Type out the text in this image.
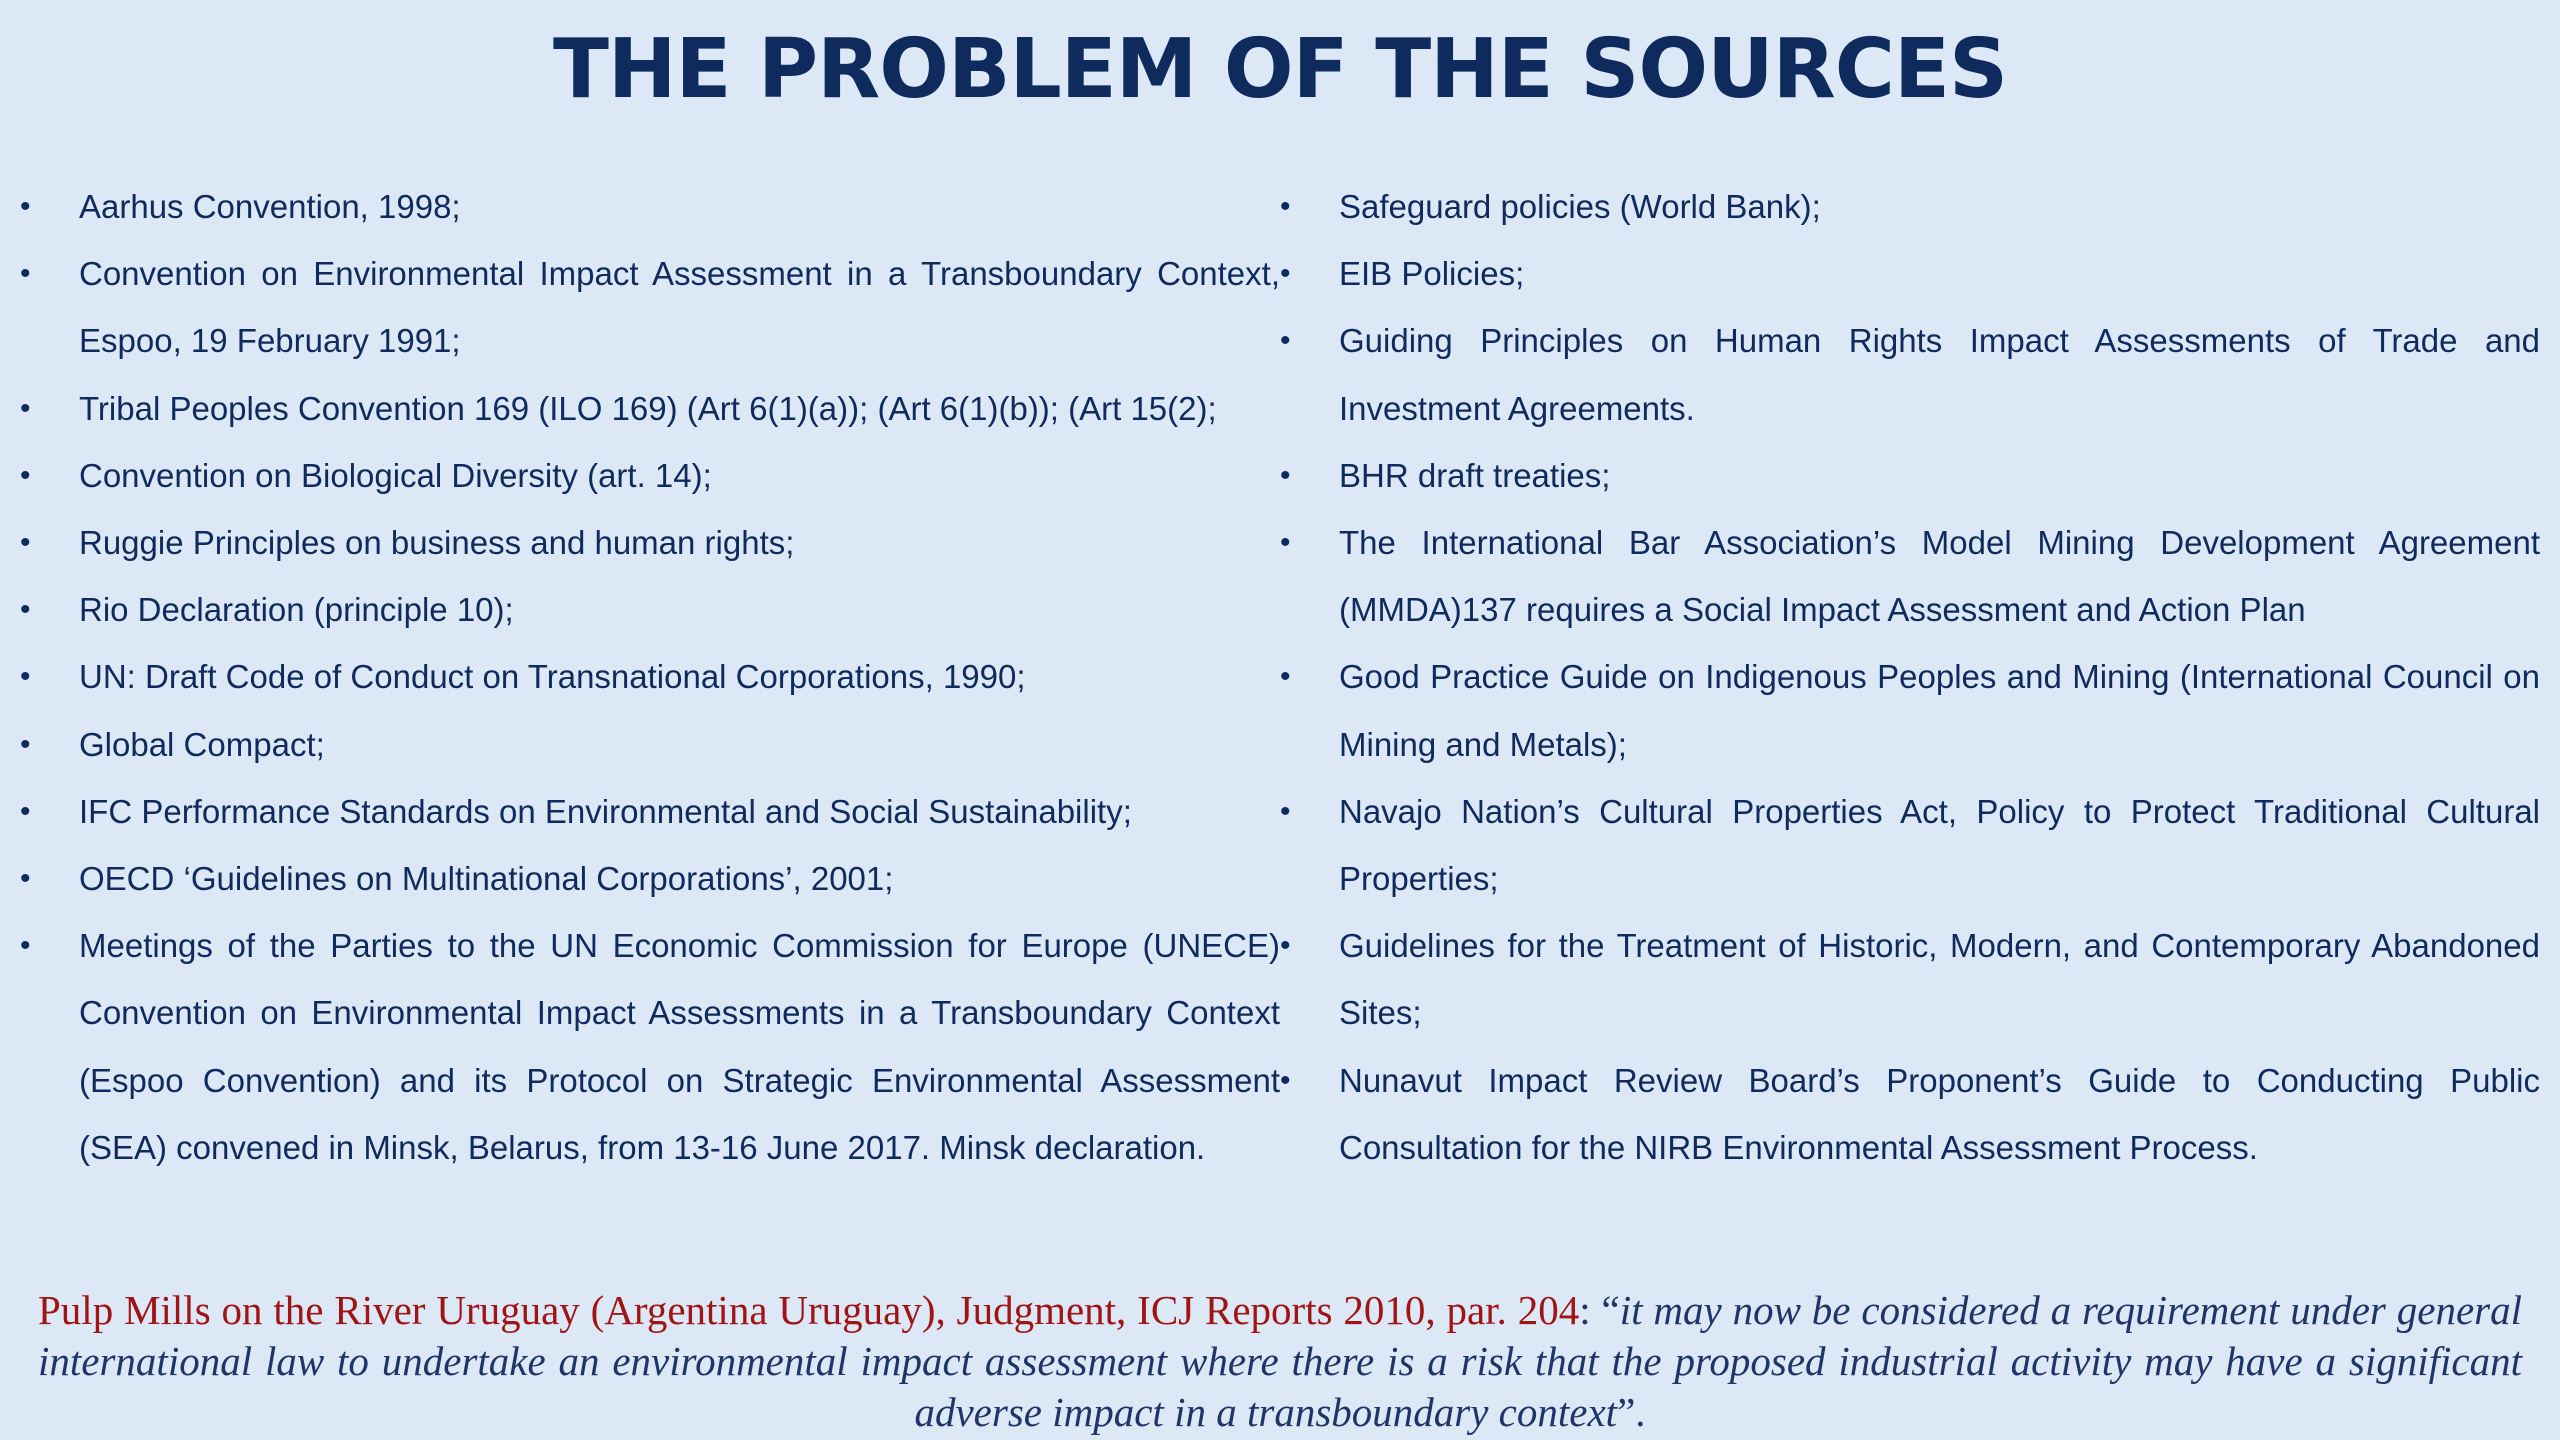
THE PROBLEM OF THE SOURCES
• Aarhus Convention, 1998;
• Convention on Environmental Impact Assessment in a Transboundary Context, Espoo, 19 February 1991;
• Tribal Peoples Convention 169 (ILO 169) (Art 6(1)(a)); (Art 6(1)(b)); (Art 15(2);
• Convention on Biological Diversity (art. 14);
• Ruggie Principles on business and human rights;
• Rio Declaration (principle 10);
• UN: Draft Code of Conduct on Transnational Corporations, 1990;
• Global Compact;
• IFC Performance Standards on Environmental and Social Sustainability;
• OECD ‘Guidelines on Multinational Corporations’, 2001;
• Meetings of the Parties to the UN Economic Commission for Europe (UNECE) Convention on Environmental Impact Assessments in a Transboundary Context (Espoo Convention) and its Protocol on Strategic Environmental Assessment (SEA) convened in Minsk, Belarus, from 13-16 June 2017. Minsk declaration.
• Safeguard policies (World Bank);
• EIB Policies;
• Guiding Principles on Human Rights Impact Assessments of Trade and Investment Agreements.
• BHR draft treaties;
• The International Bar Association’s Model Mining Development Agreement (MMDA)137 requires a Social Impact Assessment and Action Plan
• Good Practice Guide on Indigenous Peoples and Mining (International Council on Mining and Metals);
• Navajo Nation’s Cultural Properties Act, Policy to Protect Traditional Cultural Properties;
• Guidelines for the Treatment of Historic, Modern, and Contemporary Abandoned Sites;
• Nunavut Impact Review Board’s Proponent’s Guide to Conducting Public Consultation for the NIRB Environmental Assessment Process.

Pulp Mills on the River Uruguay (Argentina Uruguay), Judgment, ICJ Reports 2010, par. 204: “it may now be considered a requirement under general international law to undertake an environmental impact assessment where there is a risk that the proposed industrial activity may have a significant adverse impact in a transboundary context”.
